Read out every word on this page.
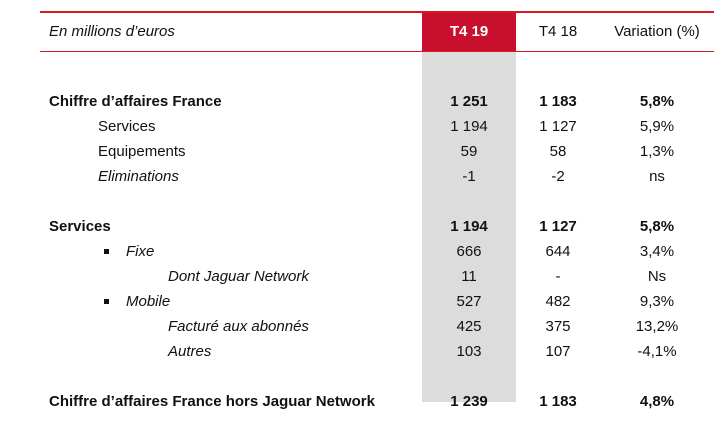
En millions d’euros	T4 19	T4 18	Variation (%)
Chiffre d’affaires France	1 251	1 183	5,8%
Services	1 194	1 127	5,9%
Equipements	59	58	1,3%
Eliminations	-1	-2	ns
Services	1 194	1 127	5,8%
Fixe	666	644	3,4%
Dont Jaguar Network	11	-	Ns
Mobile	527	482	9,3%
Facturé aux abonnés	425	375	13,2%
Autres	103	107	-4,1%
Chiffre d’affaires France hors Jaguar Network	1 239	1 183	4,8%
